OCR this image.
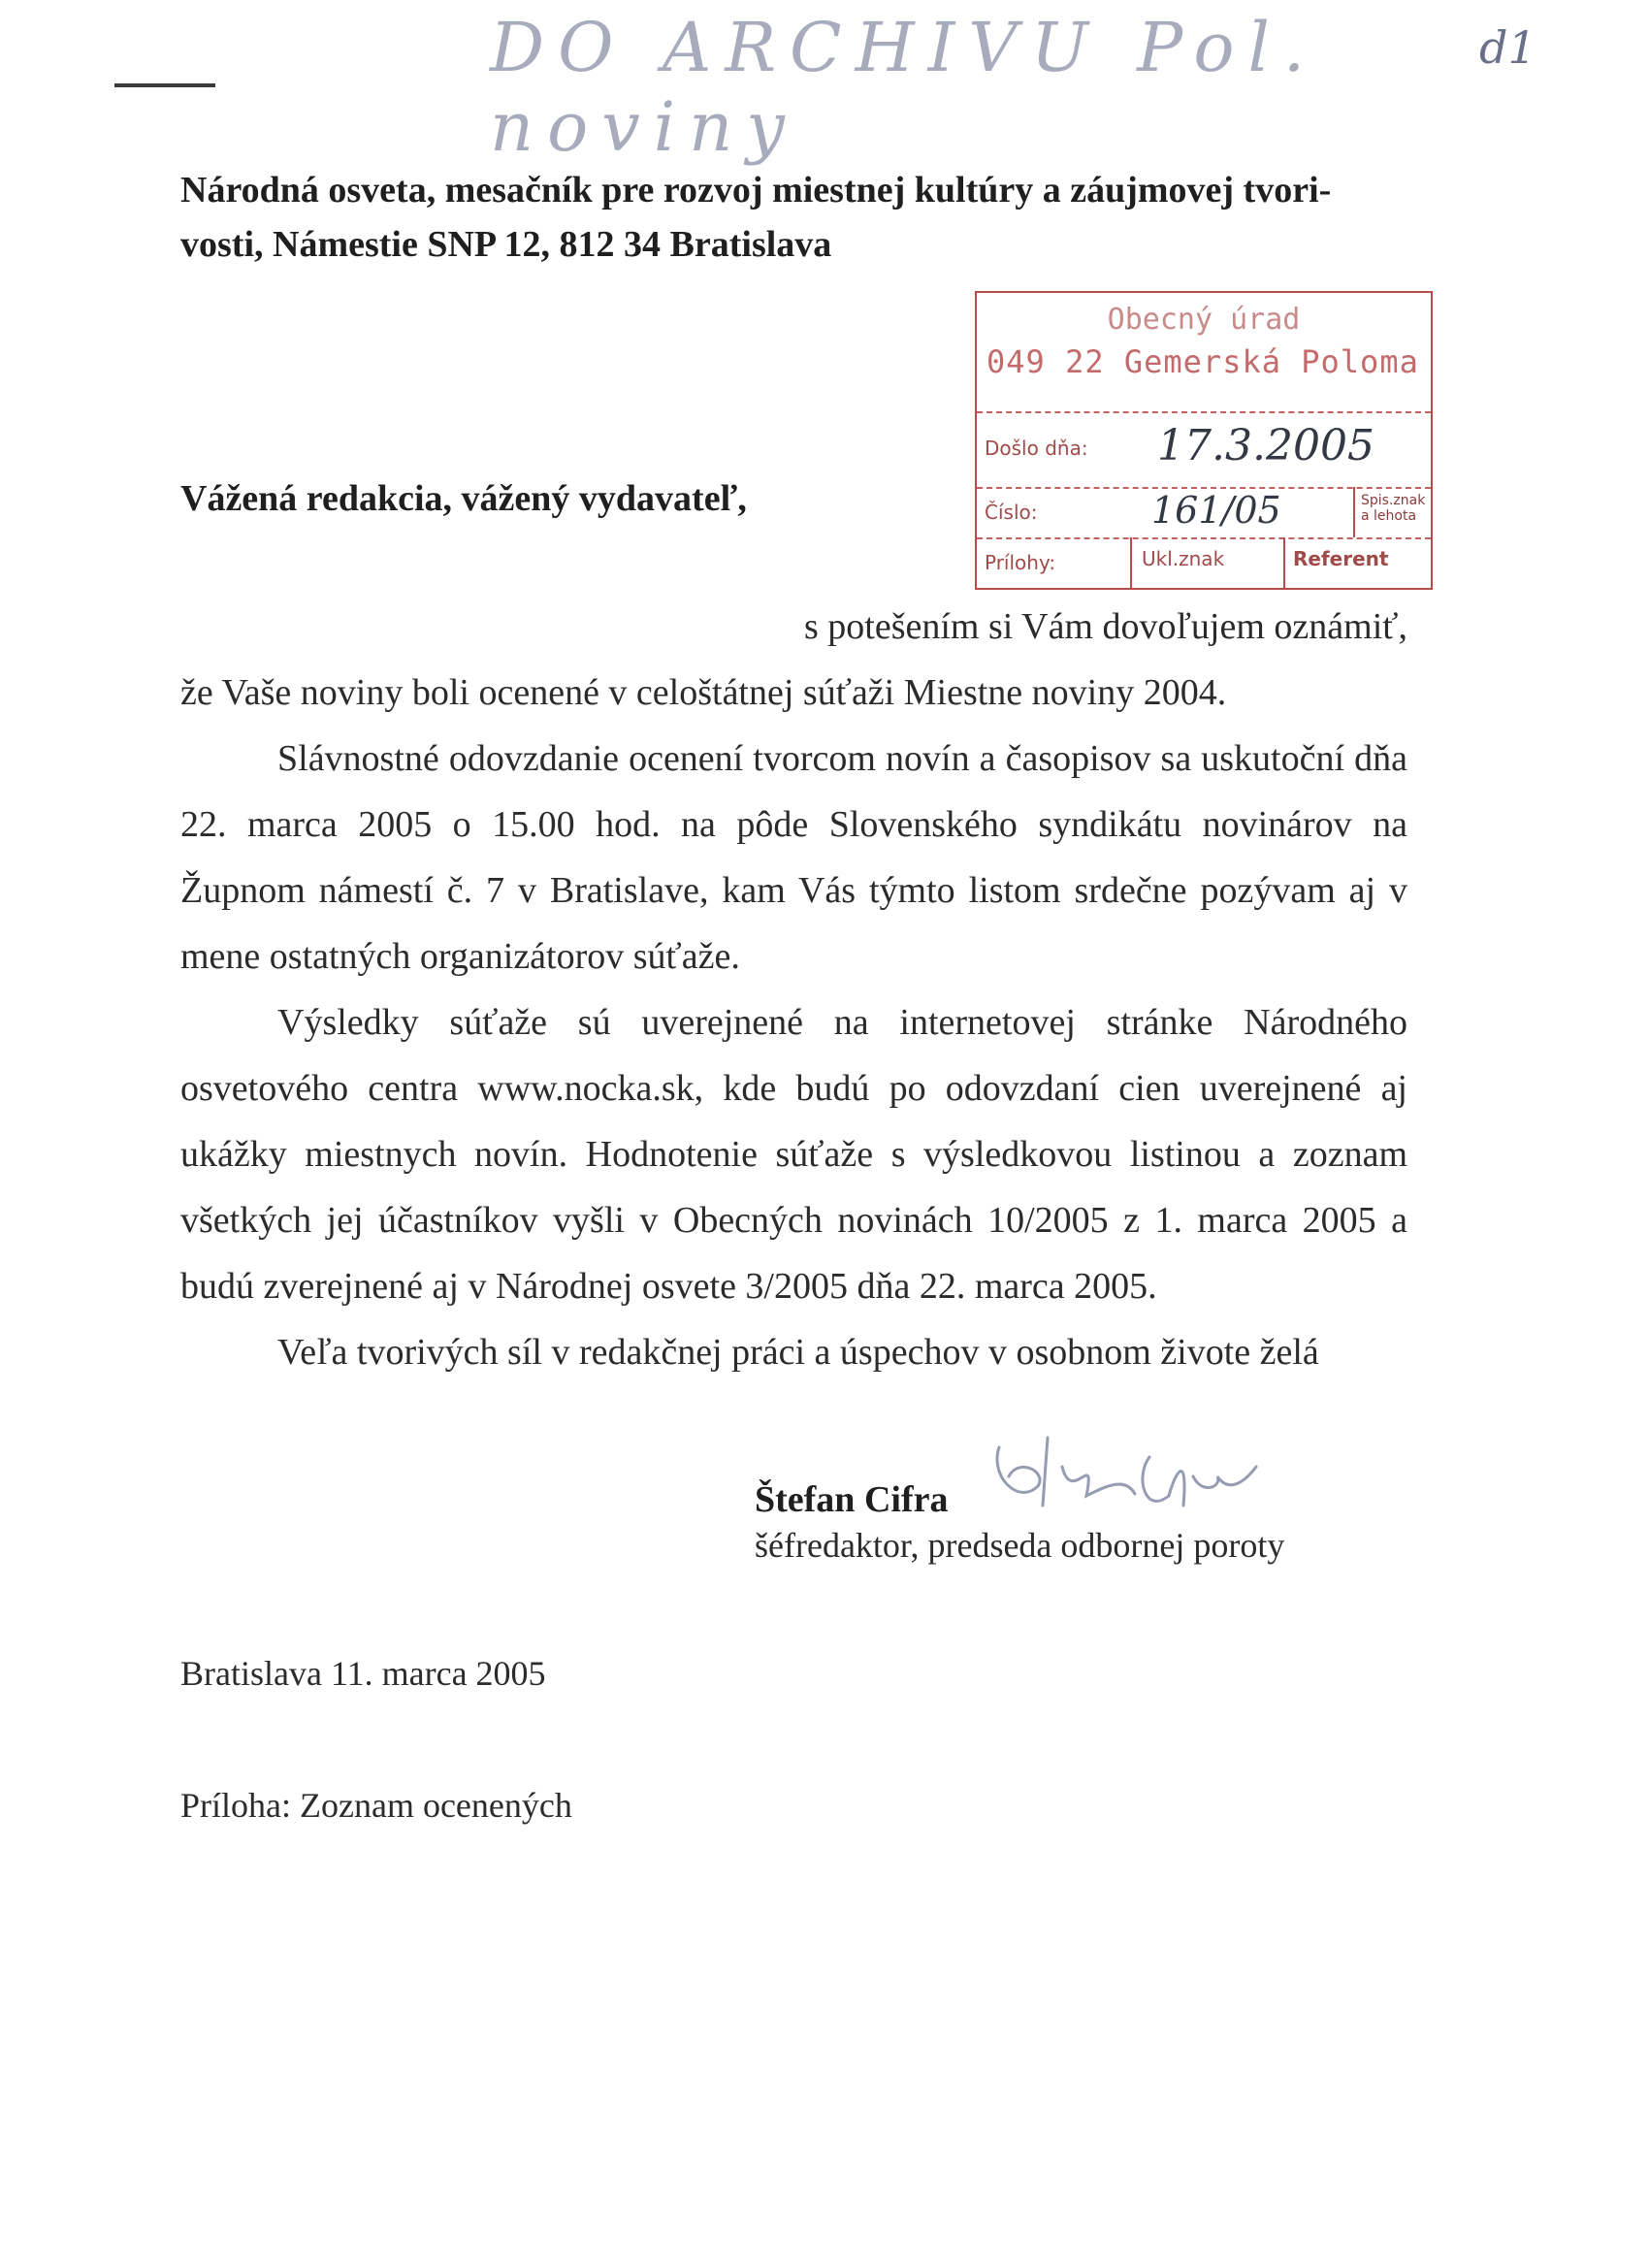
DO ARCHIVU Pol. noviny
d1
Národná osveta, mesačník pre rozvoj miestnej kultúry a záujmovej tvori-vosti, Námestie SNP 12, 812 34 Bratislava
Obecný úrad
049 22 Gemerská Poloma
Došlo dňa: 17.3.2005
Číslo:	161/05	Spis.znak a lehota
Prílohy:	Ukl.znak	Referent
Vážená redakcia, vážený vydavateľ,
s potešením si Vám dovoľujem oznámiť,

že Vaše noviny boli ocenené v celoštátnej súťaži Miestne noviny 2004.

Slávnostné odovzdanie ocenení tvorcom novín a časopisov sa uskutoční dňa 22. marca 2005 o 15.00 hod. na pôde Slovenského syndikátu novinárov na Župnom námestí č. 7 v Bratislave, kam Vás týmto listom srdečne pozývam aj v mene ostatných organizátorov súťaže.

Výsledky súťaže sú uverejnené na internetovej stránke Národného osvetového centra www.nocka.sk, kde budú po odovzdaní cien uverejnené aj ukážky miestnych novín. Hodnotenie súťaže s výsledkovou listinou a zoznam všetkých jej účastníkov vyšli v Obecných novinách 10/2005 z 1. marca 2005 a budú zverejnené aj v Národnej osvete 3/2005 dňa 22. marca 2005.

Veľa tvorivých síl v redakčnej práci a úspechov v osobnom živote želá

Štefan Cifra
šéfredaktor, predseda odbornej poroty
Bratislava 11. marca 2005
Príloha: Zoznam ocenených
